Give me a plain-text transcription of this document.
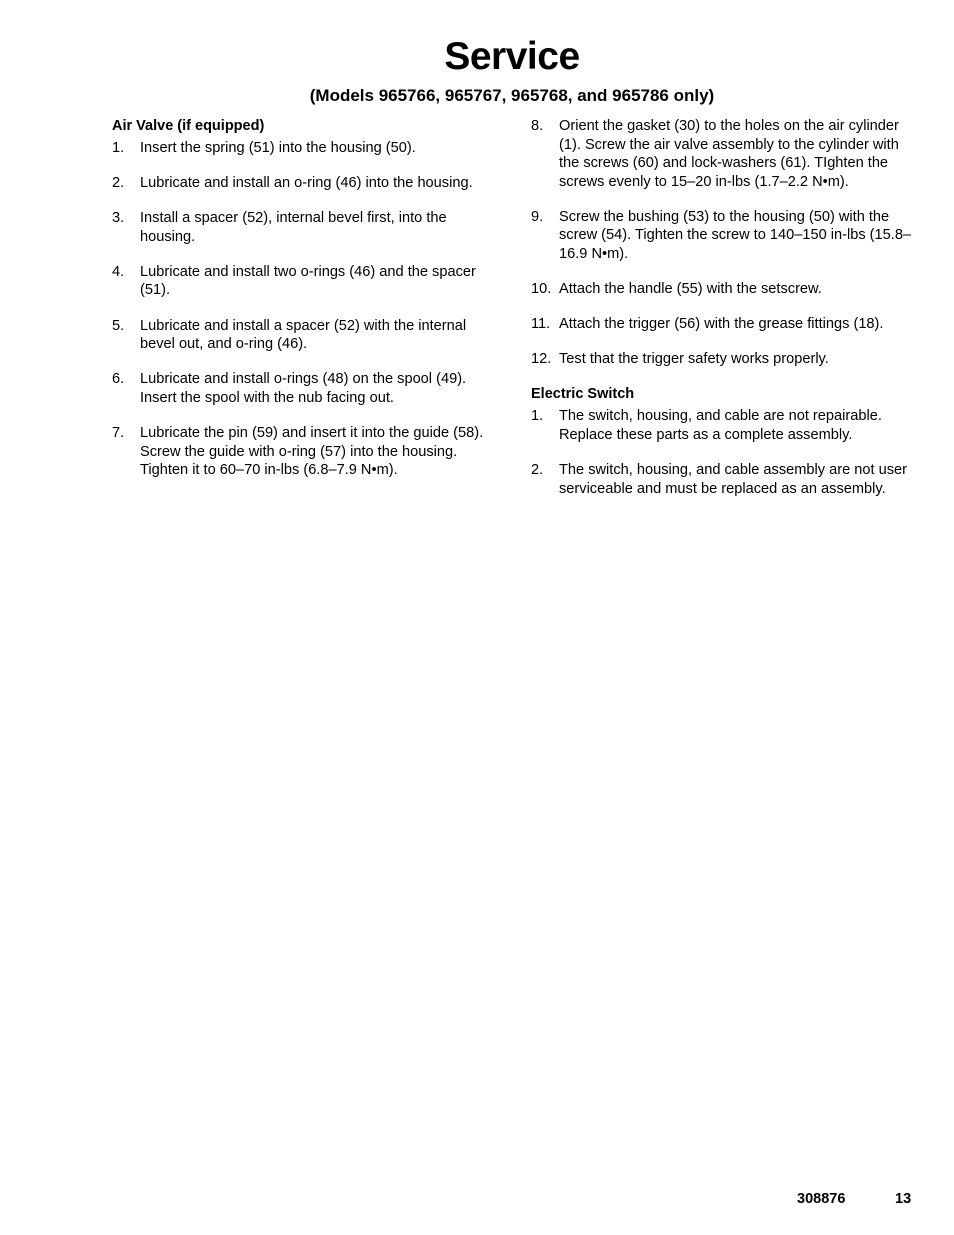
Service
(Models 965766, 965767, 965768, and 965786 only)
Air Valve (if equipped)
1.	Insert the spring (51) into the housing (50).
2.	Lubricate and install an o-ring (46) into the housing.
3.	Install a spacer (52), internal bevel first, into the housing.
4.	Lubricate and install two o-rings (46) and the spacer (51).
5.	Lubricate and install a spacer (52) with the internal bevel out, and o-ring (46).
6.	Lubricate and install o-rings (48) on the spool (49). Insert the spool with the nub facing out.
7.	Lubricate the pin (59) and insert it into the guide (58). Screw the guide with o-ring (57) into the housing. Tighten it to 60–70 in-lbs (6.8–7.9 N•m).
8.	Orient the gasket (30) to the holes on the air cylinder (1). Screw the air valve assembly to the cylinder with the screws (60) and lock-washers (61). TIghten the screws evenly to 15–20 in-lbs (1.7–2.2 N•m).
9.	Screw the bushing (53) to the housing (50) with the screw (54). Tighten the screw to 140–150 in-lbs (15.8–16.9 N•m).
10. Attach the handle (55) with the setscrew.
11. Attach the trigger (56) with the grease fittings (18).
12. Test that the trigger safety works properly.
Electric Switch
1.	The switch, housing, and cable are not repairable. Replace these parts as a complete assembly.
2.	The switch, housing, and cable assembly are not user serviceable and must be replaced as an assembly.
308876	13
